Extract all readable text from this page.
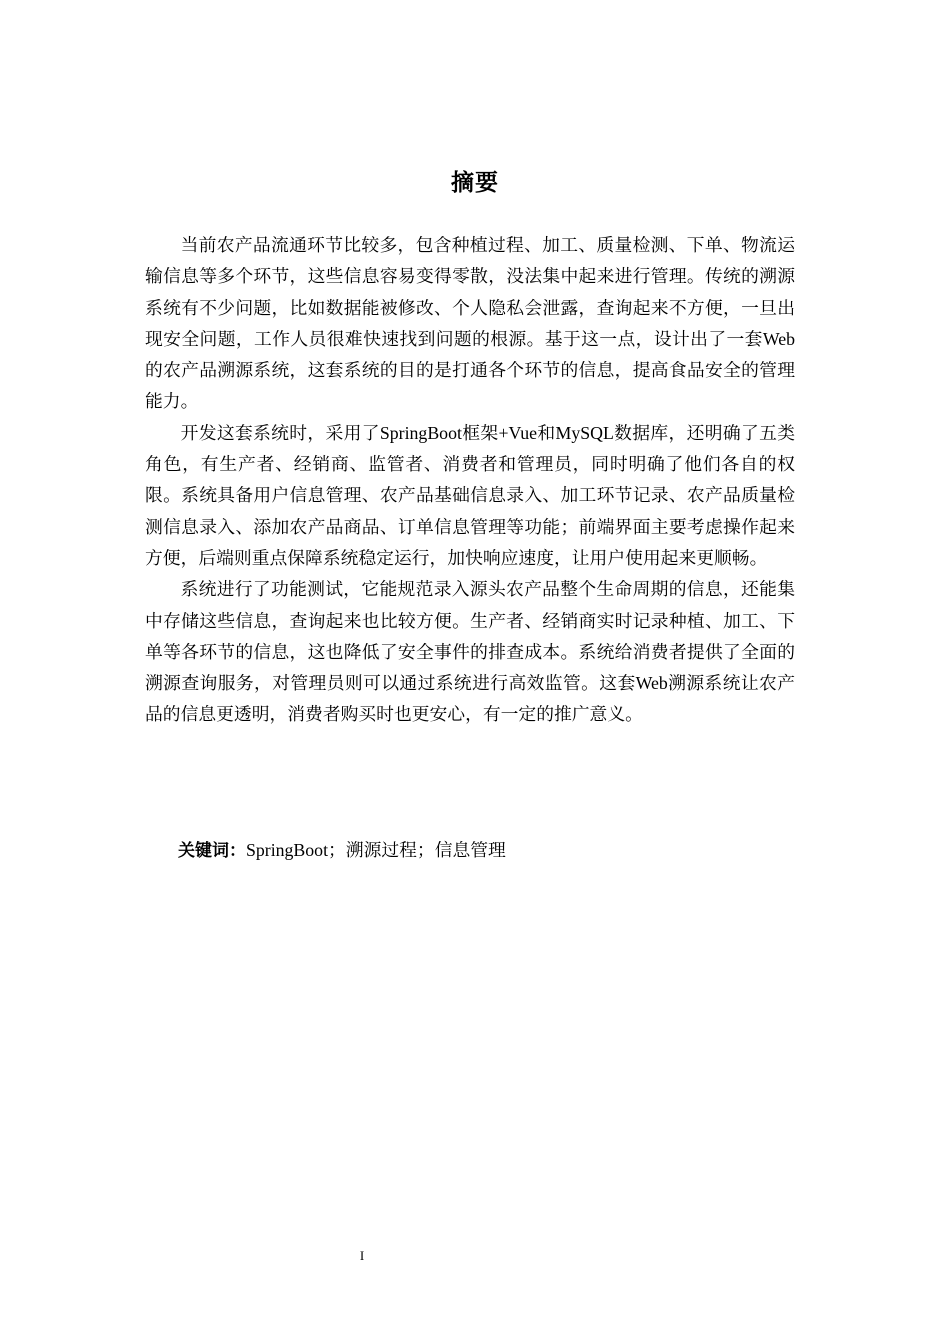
摘要

当前农产品流通环节比较多，包含种植过程、加工、质量检测、下单、物流运输信息等多个环节，这些信息容易变得零散，没法集中起来进行管理。传统的溯源系统有不少问题，比如数据能被修改、个人隐私会泄露，查询起来不方便，一旦出现安全问题，工作人员很难快速找到问题的根源。基于这一点，设计出了一套Web的农产品溯源系统，这套系统的目的是打通各个环节的信息，提高食品安全的管理能力。

开发这套系统时，采用了SpringBoot框架+Vue和MySQL数据库，还明确了五类角色，有生产者、经销商、监管者、消费者和管理员，同时明确了他们各自的权限。系统具备用户信息管理、农产品基础信息录入、加工环节记录、农产品质量检测信息录入、添加农产品商品、订单信息管理等功能；前端界面主要考虑操作起来方便，后端则重点保障系统稳定运行，加快响应速度，让用户使用起来更顺畅。

系统进行了功能测试，它能规范录入源头农产品整个生命周期的信息，还能集中存储这些信息，查询起来也比较方便。生产者、经销商实时记录种植、加工、下单等各环节的信息，这也降低了安全事件的排查成本。系统给消费者提供了全面的溯源查询服务，对管理员则可以通过系统进行高效监管。这套Web溯源系统让农产品的信息更透明，消费者购买时也更安心，有一定的推广意义。

关键词：SpringBoot；溯源过程；信息管理
I
